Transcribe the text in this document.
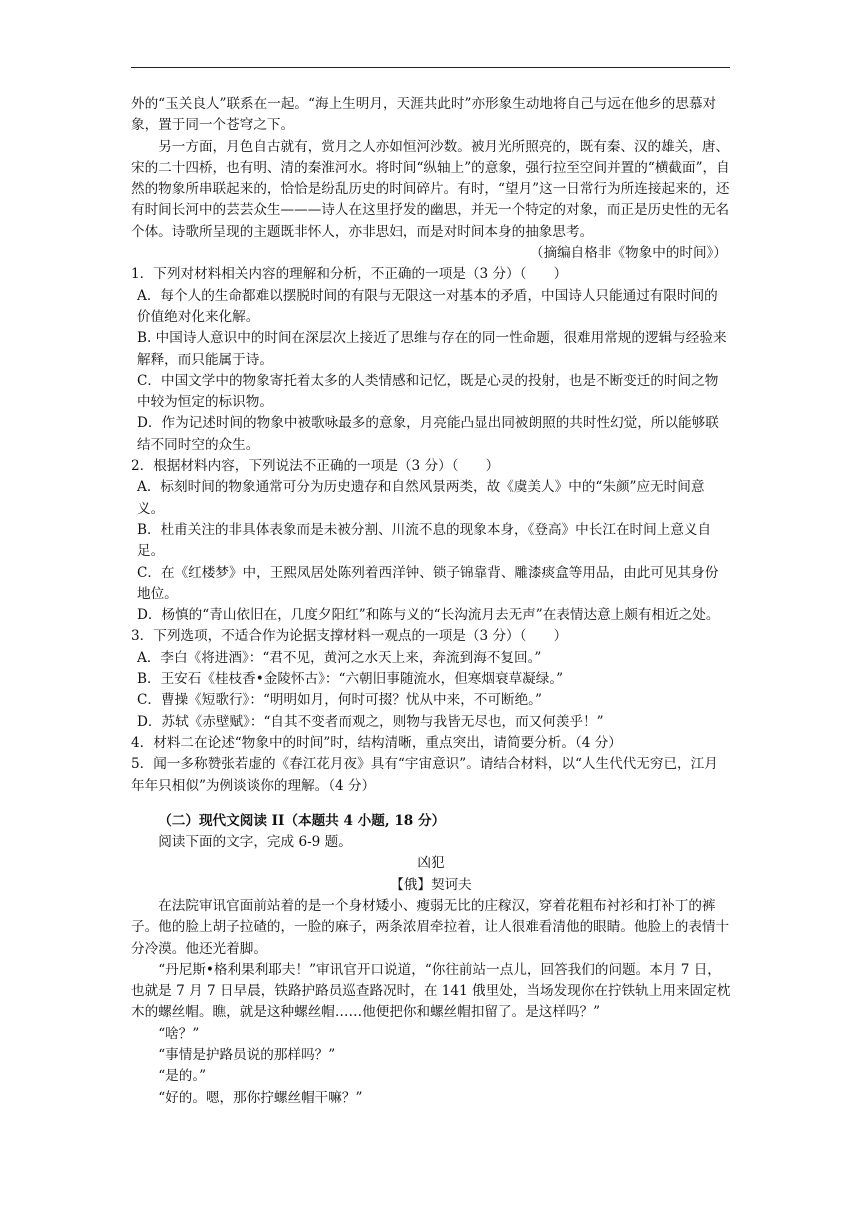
外的“玉关良人”联系在一起。“海上生明月，天涯共此时”亦形象生动地将自己与远在他乡的思慕对象，置于同一个苍穹之下。

另一方面，月色自古就有，赏月之人亦如恒河沙数。被月光所照亮的，既有秦、汉的雄关，唐、宋的二十四桥，也有明、清的秦淮河水。将时间“纵轴上”的意象，强行拉至空间并置的“横截面”，自然的物象所串联起来的，恰恰是纷乱历史的时间碎片。有时，“望月”这一日常行为所连接起来的，还有时间长河中的芸芸众生———诗人在这里抒发的幽思，并无一个特定的对象，而正是历史性的无名个体。诗歌所呈现的主题既非怀人，亦非思妇，而是对时间本身的抽象思考。

（摘编自格非《物象中的时间》）

1．下列对材料相关内容的理解和分析，不正确的一项是（3 分）（　　）

A．每个人的生命都难以摆脱时间的有限与无限这一对基本的矛盾，中国诗人只能通过有限时间的价值绝对化来化解。

B. 中国诗人意识中的时间在深层次上接近了思维与存在的同一性命题，很难用常规的逻辑与经验来解释，而只能属于诗。

C．中国文学中的物象寄托着太多的人类情感和记忆，既是心灵的投射，也是不断变迁的时间之物中较为恒定的标识物。

D．作为记述时间的物象中被歌咏最多的意象，月亮能凸显出同被朗照的共时性幻觉，所以能够联结不同时空的众生。

2．根据材料内容，下列说法不正确的一项是（3 分）（　　）

A．标刻时间的物象通常可分为历史遗存和自然风景两类，故《虞美人》中的“朱颜”应无时间意义。

B．杜甫关注的非具体表象而是未被分割、川流不息的现象本身，《登高》中长江在时间上意义自足。

C．在《红楼梦》中，王熙凤居处陈列着西洋钟、锁子锦靠背、雕漆痰盒等用品，由此可见其身份地位。

D．杨慎的“青山依旧在，几度夕阳红”和陈与义的“长沟流月去无声”在表情达意上颇有相近之处。

3．下列选项，不适合作为论据支撑材料一观点的一项是（3 分）（　　）

A．李白《将进酒》：“君不见，黄河之水天上来，奔流到海不复回。”

B．王安石《桂枝香•金陵怀古》：“六朝旧事随流水，但寒烟衰草凝绿。”

C．曹操《短歌行》：“明明如月，何时可掇？忧从中来，不可断绝。”

D．苏轼《赤壁赋》：“自其不变者而观之，则物与我皆无尽也，而又何羡乎！”

4．材料二在论述“物象中的时间”时，结构清晰，重点突出，请简要分析。（4 分）

5．闻一多称赞张若虚的《春江花月夜》具有“宇宙意识”。请结合材料，以“人生代代无穷已，江月年年只相似”为例谈谈你的理解。（4 分）

（二）现代文阅读 II（本题共 4 小题, 18 分）

阅读下面的文字，完成 6-9 题。

凶犯

【俄】契诃夫

在法院审讯官面前站着的是一个身材矮小、瘦弱无比的庄稼汉，穿着花粗布衬衫和打补丁的裤子。他的脸上胡子拉碴的，一脸的麻子，两条浓眉牵拉着，让人很难看清他的眼睛。他脸上的表情十分冷漠。他还光着脚。

“丹尼斯•格利果利耶夫！”审讯官开口说道，“你往前站一点儿，回答我们的问题。本月 7 日，也就是 7 月 7 日早晨，铁路护路员巡查路况时，在 141 俄里处，当场发现你在拧铁轨上用来固定枕木的螺丝帽。瞧，就是这种螺丝帽……他便把你和螺丝帽扣留了。是这样吗？”

“啥？”

“事情是护路员说的那样吗？”

“是的。”

“好的。嗯，那你拧螺丝帽干嘛？”
